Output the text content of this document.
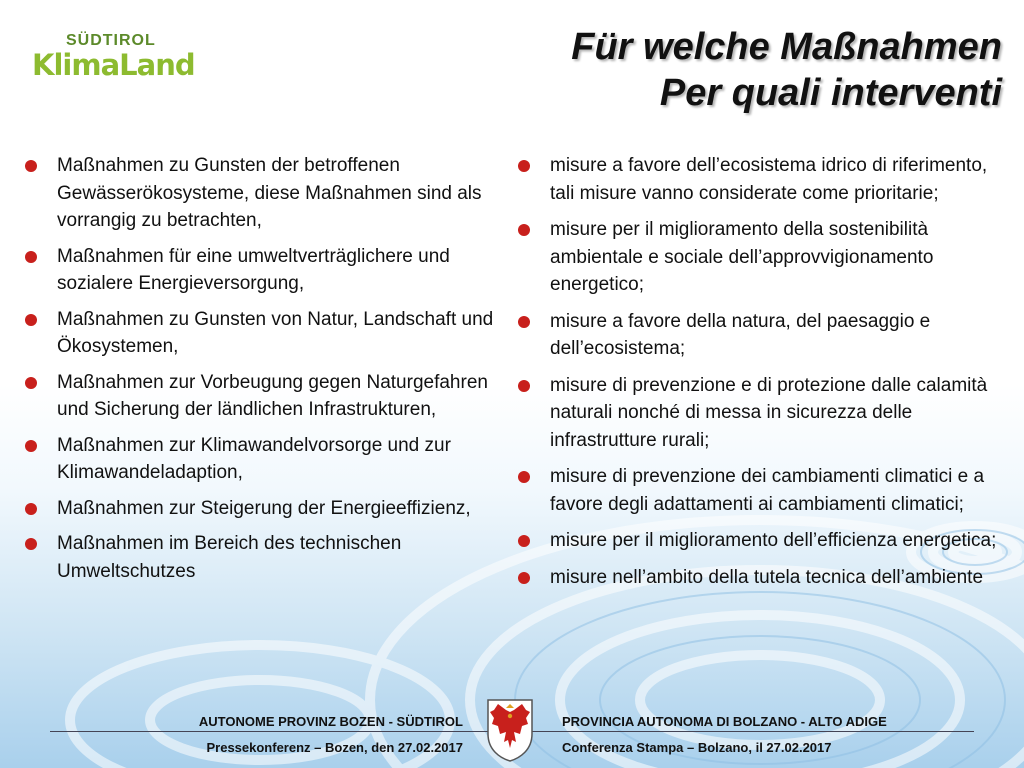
SÜDTIROL
KlimaLand	Für welche Maßnahmen
Per quali interventi
Maßnahmen zu Gunsten der betroffenen Gewässerökosysteme, diese Maßnahmen sind als vorrangig zu betrachten,
Maßnahmen für eine umweltverträglichere und sozialere Energieversorgung,
Maßnahmen zu Gunsten von Natur, Landschaft und Ökosystemen,
Maßnahmen zur Vorbeugung gegen Naturgefahren und Sicherung der ländlichen Infrastrukturen,
Maßnahmen zur Klimawandelvorsorge und zur Klimawandeladaption,
Maßnahmen zur Steigerung der Energieeffizienz,
Maßnahmen im Bereich des technischen Umweltschutzes
misure a favore dell’ecosistema idrico di riferimento, tali misure vanno considerate come prioritarie;
misure per il miglioramento della sostenibilità ambientale e sociale dell’approvvigionamento energetico;
misure a favore della natura, del paesaggio e dell’ecosistema;
misure di prevenzione e di protezione dalle calamità naturali nonché di messa in sicurezza delle infrastrutture rurali;
misure di prevenzione dei cambiamenti climatici e a favore degli adattamenti ai cambiamenti climatici;
misure per il miglioramento dell’efficienza energetica;
misure nell’ambito della tutela tecnica dell’ambiente
AUTONOME PROVINZ BOZEN - SÜDTIROL
Pressekonferenz – Bozen, den 27.02.2017
PROVINCIA AUTONOMA DI BOLZANO - ALTO ADIGE
Conferenza Stampa – Bolzano, il 27.02.2017
